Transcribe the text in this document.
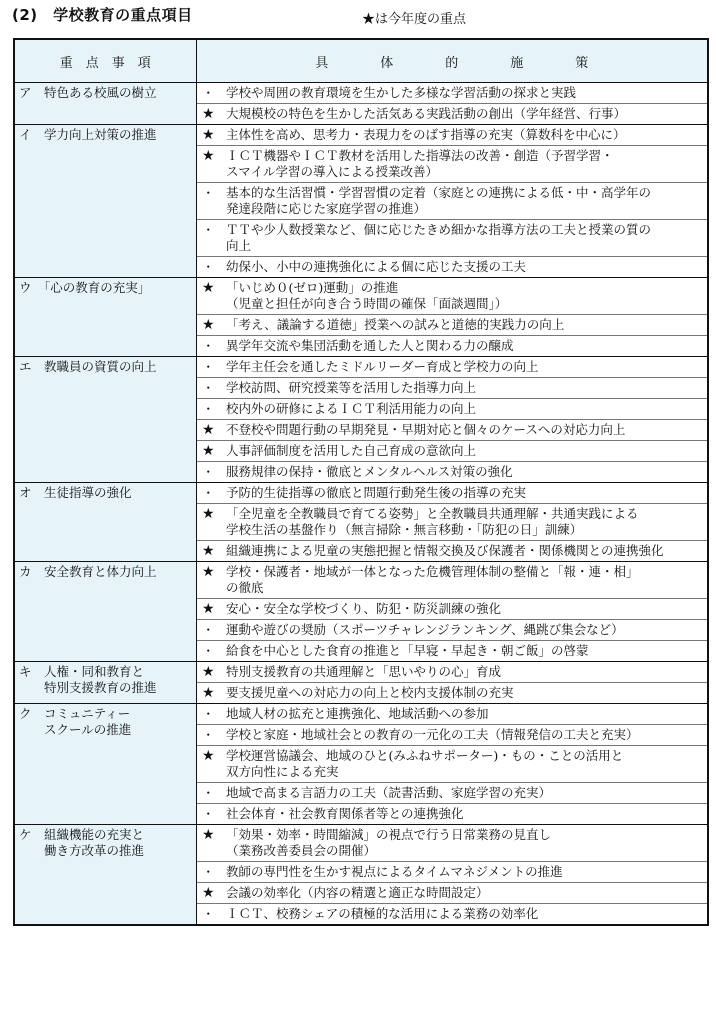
(2)　学校教育の重点項目	★は今年度の重点
重　点　事　項	具　　　　体　　　　的　　　　施　　　　策	
ア　特色ある校風の樹立	・	学校や周囲の教育環境を生かした多様な学習活動の探求と実践
	★	大規模校の特色を生かした活気ある実践活動の創出（学年経営、行事）
イ　学力向上対策の推進	★	主体性を高め、思考力・表現力をのばす指導の充実（算数科を中心に）
	★	ＩＣＴ機器やＩＣＴ教材を活用した指導法の改善・創造（予習学習・
スマイル学習の導入による授業改善）
	・	基本的な生活習慣・学習習慣の定着（家庭との連携による低・中・高学年の
発達段階に応じた家庭学習の推進）
	・	ＴＴや少人数授業など、個に応じたきめ細かな指導方法の工夫と授業の質の
向上
	・	幼保小、小中の連携強化による個に応じた支援の工夫
ウ　「心の教育の充実」	★	「いじめ０(ゼロ)運動」の推進
（児童と担任が向き合う時間の確保「面談週間」）
	★	「考え、議論する道徳」授業への試みと道徳的実践力の向上
	・	異学年交流や集団活動を通した人と関わる力の醸成
エ　教職員の資質の向上	・	学年主任会を通したミドルリーダー育成と学校力の向上
	・	学校訪問、研究授業等を活用した指導力向上
	・	校内外の研修によるＩＣＴ利活用能力の向上
	★	不登校や問題行動の早期発見・早期対応と個々のケースへの対応力向上
	★	人事評価制度を活用した自己育成の意欲向上
	・	服務規律の保持・徹底とメンタルヘルス対策の強化
オ　生徒指導の強化	・	予防的生徒指導の徹底と問題行動発生後の指導の充実
	★	「全児童を全教職員で育てる姿勢」と全教職員共通理解・共通実践による
学校生活の基盤作り（無言掃除・無言移動・「防犯の日」訓練）
	★	組織連携による児童の実態把握と情報交換及び保護者・関係機関との連携強化
カ　安全教育と体力向上	★	学校・保護者・地域が一体となった危機管理体制の整備と「報・連・相」
の徹底
	★	安心・安全な学校づくり、防犯・防災訓練の強化
	・	運動や遊びの奨励（スポーツチャレンジランキング、縄跳び集会など）
	・	給食を中心とした食育の推進と「早寝・早起き・朝ご飯」の啓蒙
キ　人権・同和教育と
　　特別支援教育の推進	★	特別支援教育の共通理解と「思いやりの心」育成
	★	要支援児童への対応力の向上と校内支援体制の充実
ク　コミュニティー
　　スクールの推進	・	地域人材の拡充と連携強化、地域活動への参加
	・	学校と家庭・地域社会との教育の一元化の工夫（情報発信の工夫と充実）
	★	学校運営協議会、地域のひと(みふねサポーター)・もの・ことの活用と
双方向性による充実
	・	地域で高まる言語力の工夫（読書活動、家庭学習の充実）
	・	社会体育・社会教育関係者等との連携強化
ケ　組織機能の充実と
　　働き方改革の推進	★	「効果・効率・時間縮減」の視点で行う日常業務の見直し
（業務改善委員会の開催）
	・	教師の専門性を生かす視点によるタイムマネジメントの推進
	★	会議の効率化（内容の精選と適正な時間設定）
	・	ＩＣＴ、校務シェアの積極的な活用による業務の効率化
